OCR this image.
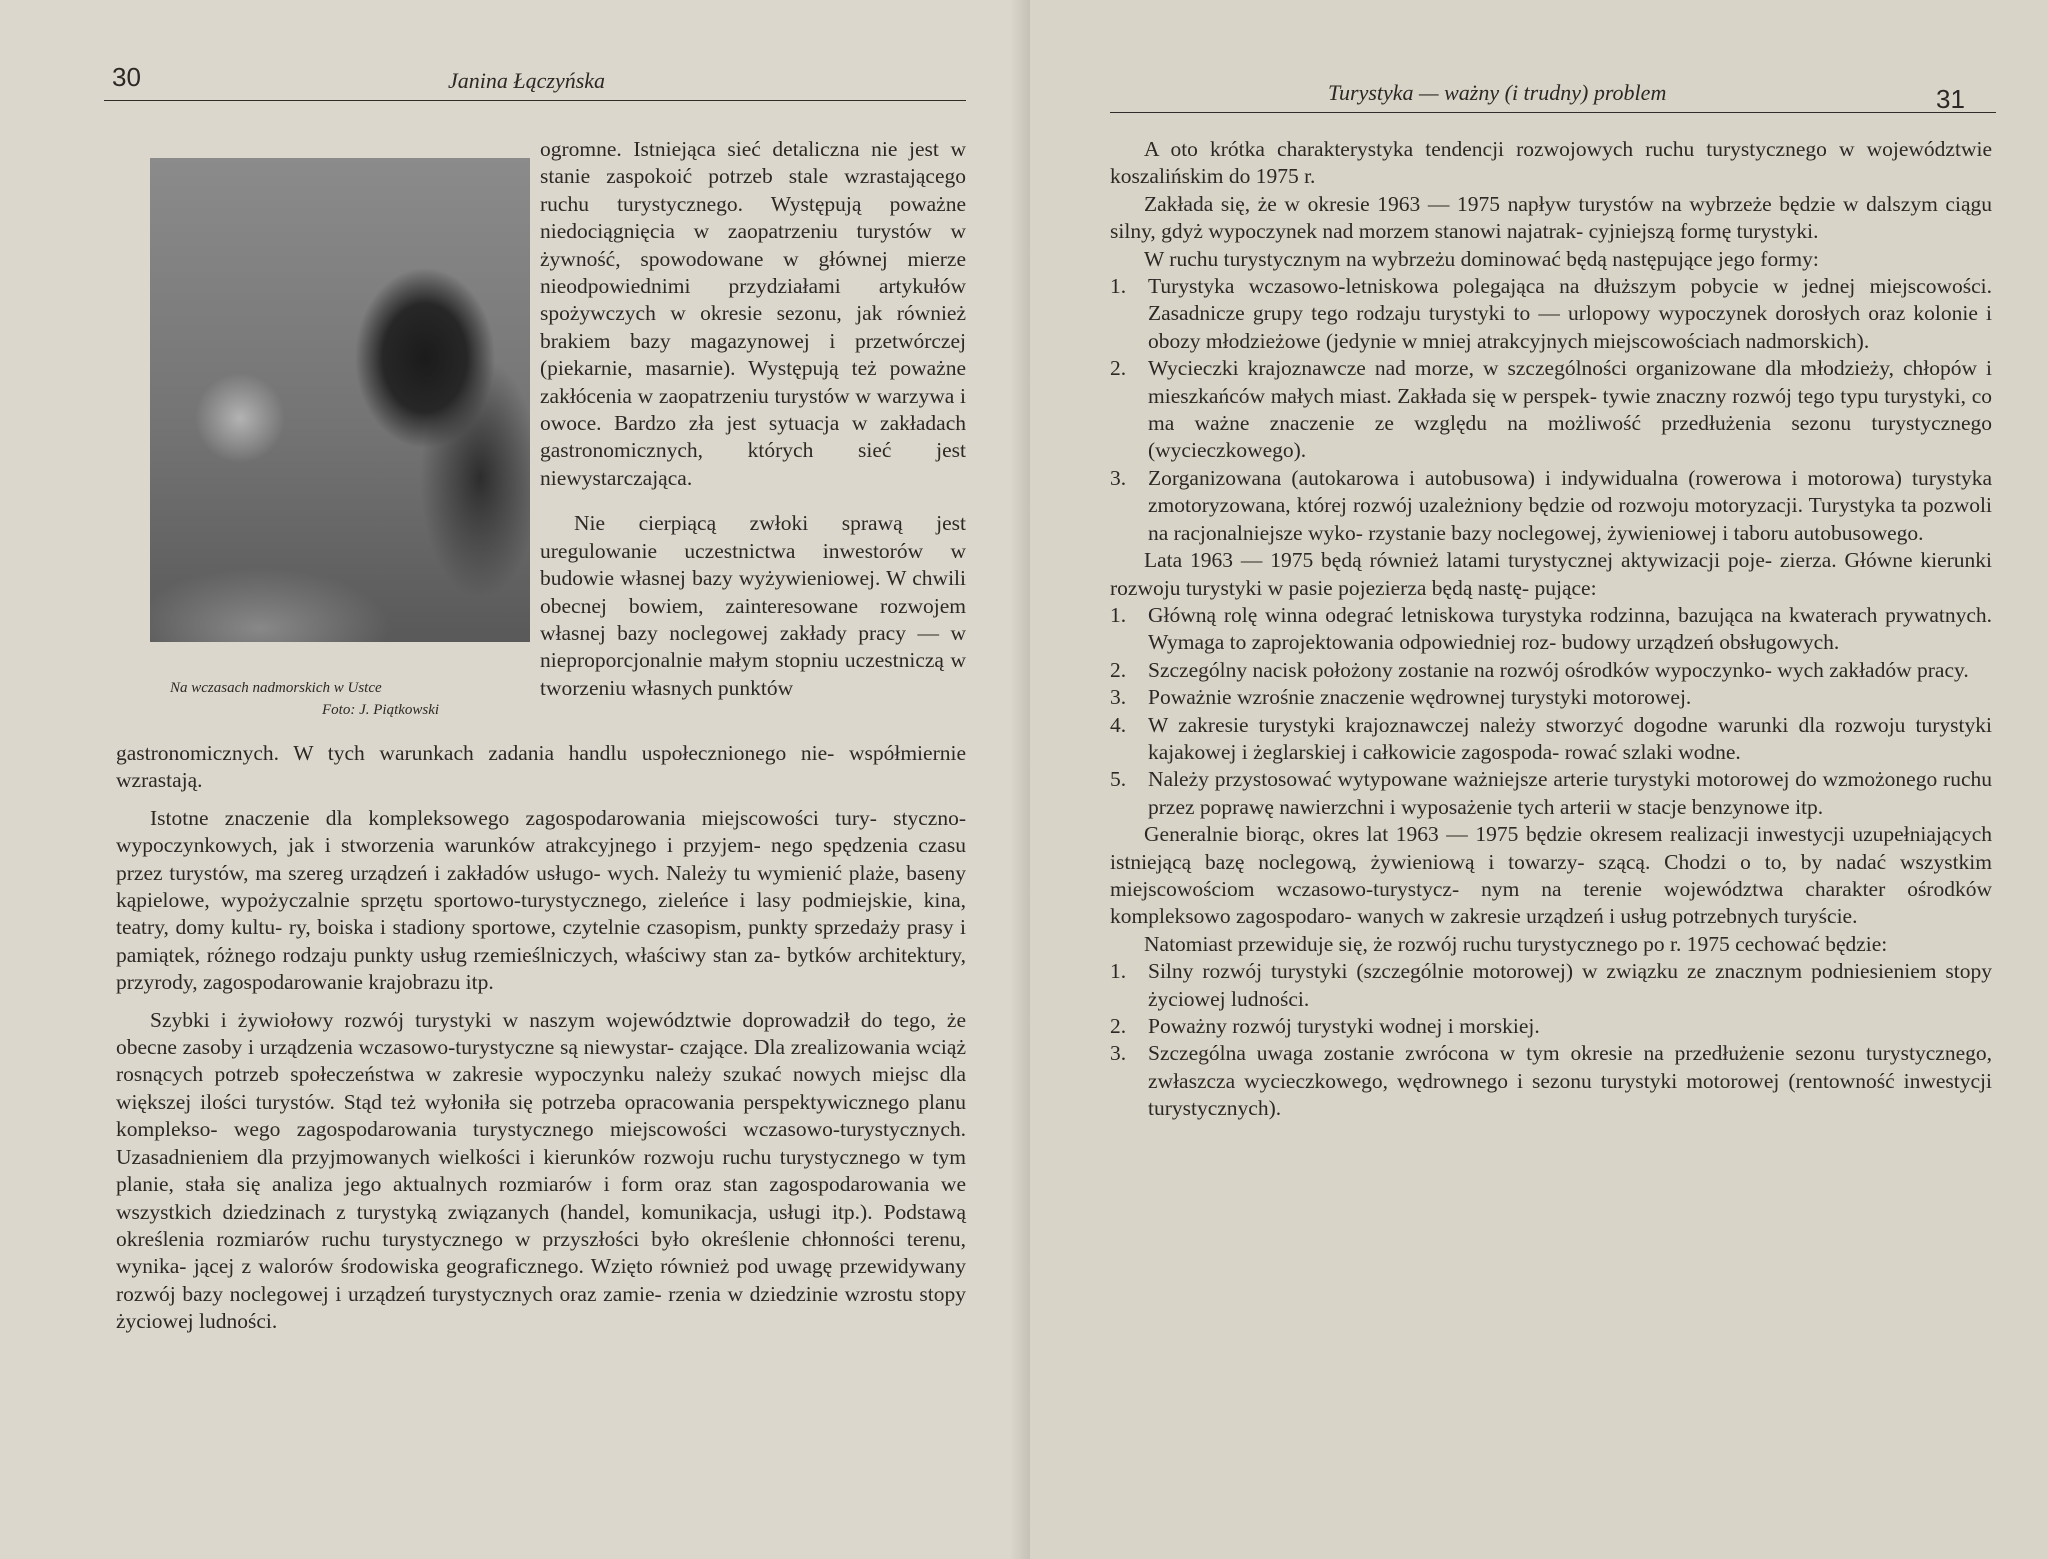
30	Janina Łączyńska
Na wczasach nadmorskich w Ustce
Foto: J. Piątkowski
ogromne. Istniejąca sieć detaliczna nie jest w stanie zaspokoić potrzeb stale wzrastającego ruchu turystycznego. Występują poważne niedociągnięcia w zaopatrzeniu turystów w żywność, spowodowane w głównej mierze nieodpowiednimi przydziałami artykułów spożywczych w okresie sezonu, jak również brakiem bazy magazynowej i przetwórczej (piekarnie, masarnie). Występują też poważne zakłócenia w zaopatrzeniu turystów w warzywa i owoce. Bardzo zła jest sytuacja w zakładach gastronomicznych, których sieć jest niewystarczająca.
Nie cierpiącą zwłoki sprawą jest uregulowanie uczestnictwa inwestorów w budowie własnej bazy wyżywieniowej. W chwili obecnej bowiem, zainteresowane rozwojem własnej bazy noclegowej zakłady pracy — w nieproporcjonalnie małym stopniu uczestniczą w tworzeniu własnych punktów

gastronomicznych. W tych warunkach zadania handlu uspołecznionego nie- współmiernie wzrastają.

Istotne znaczenie dla kompleksowego zagospodarowania miejscowości tury- styczno-wypoczynkowych, jak i stworzenia warunków atrakcyjnego i przyjem- nego spędzenia czasu przez turystów, ma szereg urządzeń i zakładów usługo- wych. Należy tu wymienić plaże, baseny kąpielowe, wypożyczalnie sprzętu sportowo-turystycznego, zieleńce i lasy podmiejskie, kina, teatry, domy kultu- ry, boiska i stadiony sportowe, czytelnie czasopism, punkty sprzedaży prasy i pamiątek, różnego rodzaju punkty usług rzemieślniczych, właściwy stan za- bytków architektury, przyrody, zagospodarowanie krajobrazu itp.

Szybki i żywiołowy rozwój turystyki w naszym województwie doprowadził do tego, że obecne zasoby i urządzenia wczasowo-turystyczne są niewystar- czające. Dla zrealizowania wciąż rosnących potrzeb społeczeństwa w zakresie wypoczynku należy szukać nowych miejsc dla większej ilości turystów. Stąd też wyłoniła się potrzeba opracowania perspektywicznego planu komplekso- wego zagospodarowania turystycznego miejscowości wczasowo-turystycznych. Uzasadnieniem dla przyjmowanych wielkości i kierunków rozwoju ruchu turystycznego w tym planie, stała się analiza jego aktualnych rozmiarów i form oraz stan zagospodarowania we wszystkich dziedzinach z turystyką związanych (handel, komunikacja, usługi itp.). Podstawą określenia rozmiarów ruchu turystycznego w przyszłości było określenie chłonności terenu, wynika- jącej z walorów środowiska geograficznego. Wzięto również pod uwagę przewidywany rozwój bazy noclegowej i urządzeń turystycznych oraz zamie- rzenia w dziedzinie wzrostu stopy życiowej ludności.

Turystyka — ważny (i trudny) problem	31

A oto krótka charakterystyka tendencji rozwojowych ruchu turystycznego w województwie koszalińskim do 1975 r.

Zakłada się, że w okresie 1963 — 1975 napływ turystów na wybrzeże będzie w dalszym ciągu silny, gdyż wypoczynek nad morzem stanowi najatrak- cyjniejszą formę turystyki.

W ruchu turystycznym na wybrzeżu dominować będą następujące jego formy:

1. Turystyka wczasowo-letniskowa polegająca na dłuższym pobycie w jednej miejscowości. Zasadnicze grupy tego rodzaju turystyki to — urlopowy wypoczynek dorosłych oraz kolonie i obozy młodzieżowe (jedynie w mniej atrakcyjnych miejscowościach nadmorskich).
2. Wycieczki krajoznawcze nad morze, w szczególności organizowane dla młodzieży, chłopów i mieszkańców małych miast. Zakłada się w perspek- tywie znaczny rozwój tego typu turystyki, co ma ważne znaczenie ze względu na możliwość przedłużenia sezonu turystycznego (wycieczkowego).
3. Zorganizowana (autokarowa i autobusowa) i indywidualna (rowerowa i motorowa) turystyka zmotoryzowana, której rozwój uzależniony będzie od rozwoju motoryzacji. Turystyka ta pozwoli na racjonalniejsze wyko- rzystanie bazy noclegowej, żywieniowej i taboru autobusowego.

Lata 1963 — 1975 będą również latami turystycznej aktywizacji poje- zierza. Główne kierunki rozwoju turystyki w pasie pojezierza będą nastę- pujące:

1. Główną rolę winna odegrać letniskowa turystyka rodzinna, bazująca na kwaterach prywatnych. Wymaga to zaprojektowania odpowiedniej roz- budowy urządzeń obsługowych.
2. Szczególny nacisk położony zostanie na rozwój ośrodków wypoczynko- wych zakładów pracy.
3. Poważnie wzrośnie znaczenie wędrownej turystyki motorowej.
4. W zakresie turystyki krajoznawczej należy stworzyć dogodne warunki dla rozwoju turystyki kajakowej i żeglarskiej i całkowicie zagospoda- rować szlaki wodne.
5. Należy przystosować wytypowane ważniejsze arterie turystyki motorowej do wzmożonego ruchu przez poprawę nawierzchni i wyposażenie tych arterii w stacje benzynowe itp.

Generalnie biorąc, okres lat 1963 — 1975 będzie okresem realizacji inwestycji uzupełniających istniejącą bazę noclegową, żywieniową i towarzy- szącą. Chodzi o to, by nadać wszystkim miejscowościom wczasowo-turystycz- nym na terenie województwa charakter ośrodków kompleksowo zagospodaro- wanych w zakresie urządzeń i usług potrzebnych turyście.

Natomiast przewiduje się, że rozwój ruchu turystycznego po r. 1975 cechować będzie:

1. Silny rozwój turystyki (szczególnie motorowej) w związku ze znacznym podniesieniem stopy życiowej ludności.
2. Poważny rozwój turystyki wodnej i morskiej.
3. Szczególna uwaga zostanie zwrócona w tym okresie na przedłużenie sezonu turystycznego, zwłaszcza wycieczkowego, wędrownego i sezonu turystyki motorowej (rentowność inwestycji turystycznych).
